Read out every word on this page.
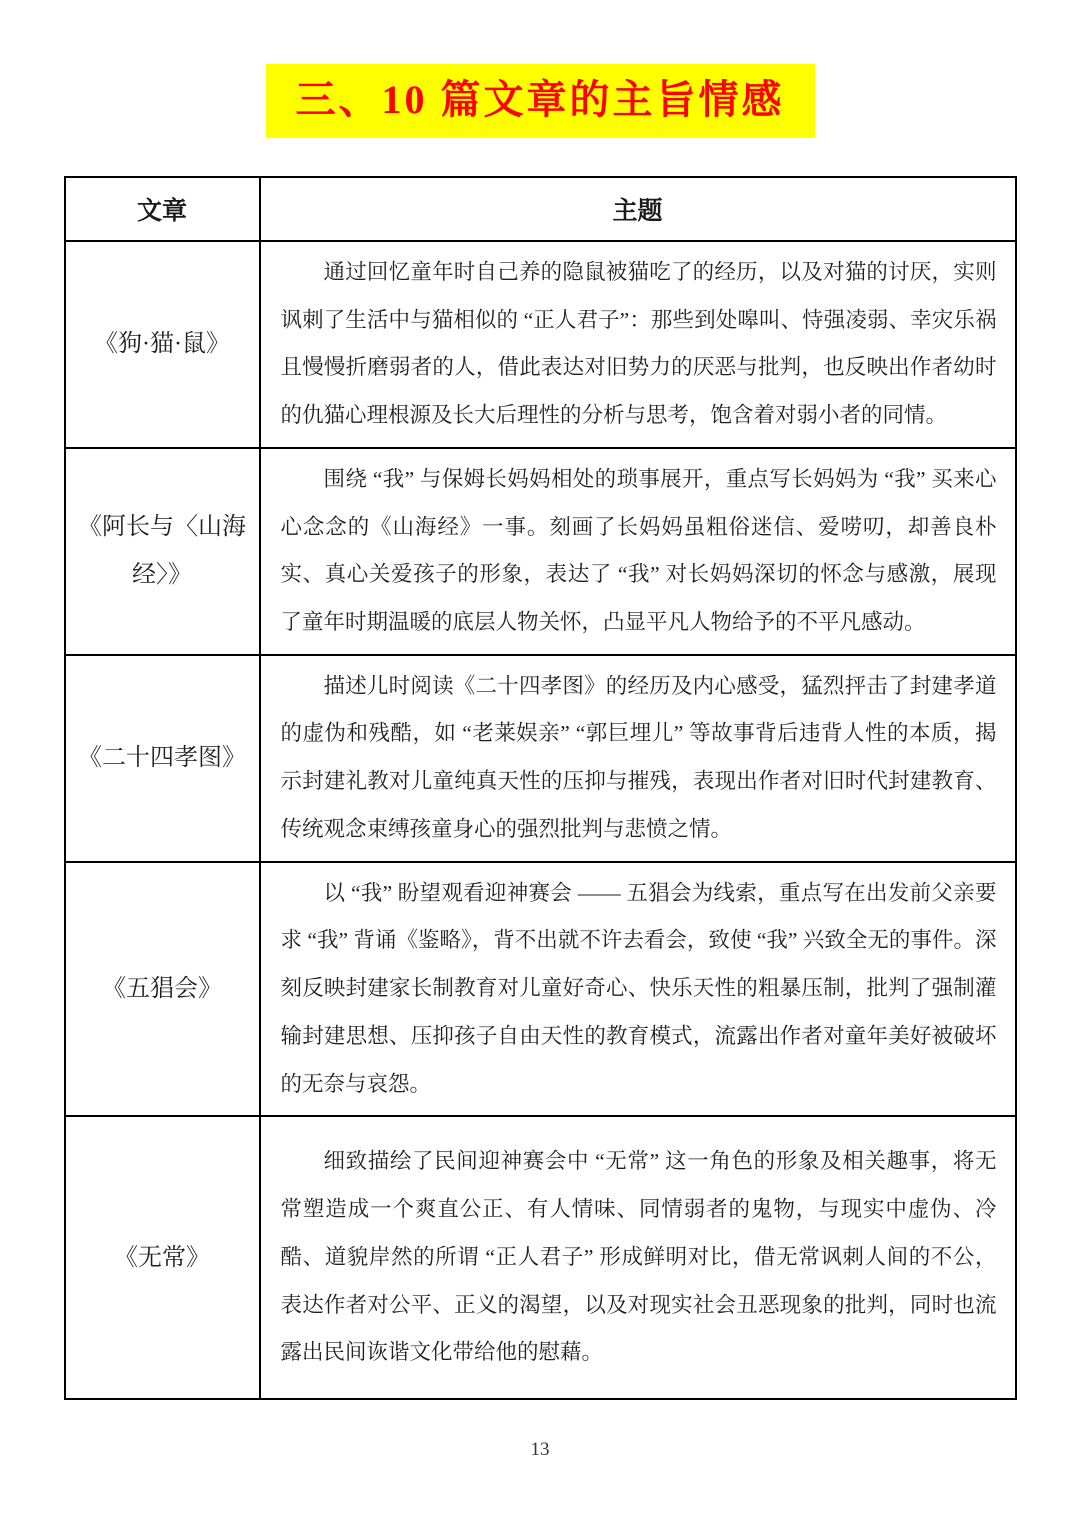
三、10 篇文章的主旨情感
文章	主题
《狗·猫·鼠》	通过回忆童年时自己养的隐鼠被猫吃了的经历，以及对猫的讨厌，实则讽刺了生活中与猫相似的 “正人君子”：那些到处嗥叫、恃强凌弱、幸灾乐祸且慢慢折磨弱者的人，借此表达对旧势力的厌恶与批判，也反映出作者幼时的仇猫心理根源及长大后理性的分析与思考，饱含着对弱小者的同情。
《阿长与〈山海经〉》	围绕 “我” 与保姆长妈妈相处的琐事展开，重点写长妈妈为 “我” 买来心心念念的《山海经》一事。刻画了长妈妈虽粗俗迷信、爱唠叨，却善良朴实、真心关爱孩子的形象，表达了 “我” 对长妈妈深切的怀念与感激，展现了童年时期温暖的底层人物关怀，凸显平凡人物给予的不平凡感动。
《二十四孝图》	描述儿时阅读《二十四孝图》的经历及内心感受，猛烈抨击了封建孝道的虚伪和残酷，如 “老莱娱亲” “郭巨埋儿” 等故事背后违背人性的本质，揭示封建礼教对儿童纯真天性的压抑与摧残，表现出作者对旧时代封建教育、传统观念束缚孩童身心的强烈批判与悲愤之情。
《五猖会》	以 “我” 盼望观看迎神赛会 —— 五猖会为线索，重点写在出发前父亲要求 “我” 背诵《鉴略》，背不出就不许去看会，致使 “我” 兴致全无的事件。深刻反映封建家长制教育对儿童好奇心、快乐天性的粗暴压制，批判了强制灌输封建思想、压抑孩子自由天性的教育模式，流露出作者对童年美好被破坏的无奈与哀怨。
《无常》	细致描绘了民间迎神赛会中 “无常” 这一角色的形象及相关趣事，将无常塑造成一个爽直公正、有人情味、同情弱者的鬼物，与现实中虚伪、冷酷、道貌岸然的所谓 “正人君子” 形成鲜明对比，借无常讽刺人间的不公，表达作者对公平、正义的渴望，以及对现实社会丑恶现象的批判，同时也流露出民间诙谐文化带给他的慰藉。
13
